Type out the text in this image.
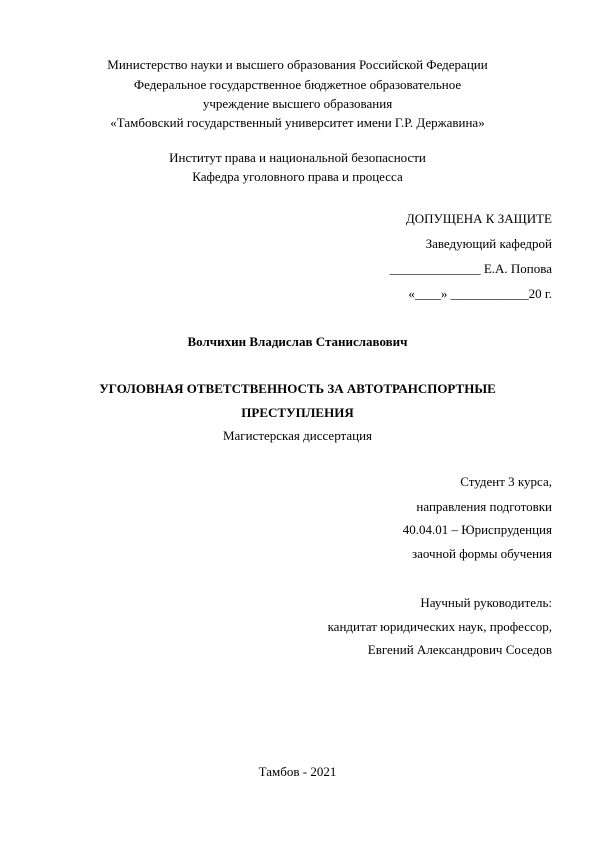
Министерство науки и высшего образования Российской Федерации
Федеральное государственное бюджетное образовательное
учреждение высшего образования
«Тамбовский государственный университет имени Г.Р. Державина»
Институт права и национальной безопасности
Кафедра уголовного права и процесса
ДОПУЩЕНА К ЗАЩИТЕ
Заведующий кафедрой
______________ Е.А. Попова
«____» ____________20 г.
Волчихин Владислав Станиславович
УГОЛОВНАЯ ОТВЕТСТВЕННОСТЬ ЗА АВТОТРАНСПОРТНЫЕ
ПРЕСТУПЛЕНИЯ
Магистерская диссертация
Студент 3 курса,
направления подготовки
40.04.01 – Юриспруденция
заочной формы обучения
Научный руководитель:
кандитат юридических наук, профессор,
Евгений Александрович Соседов
Тамбов - 2021
